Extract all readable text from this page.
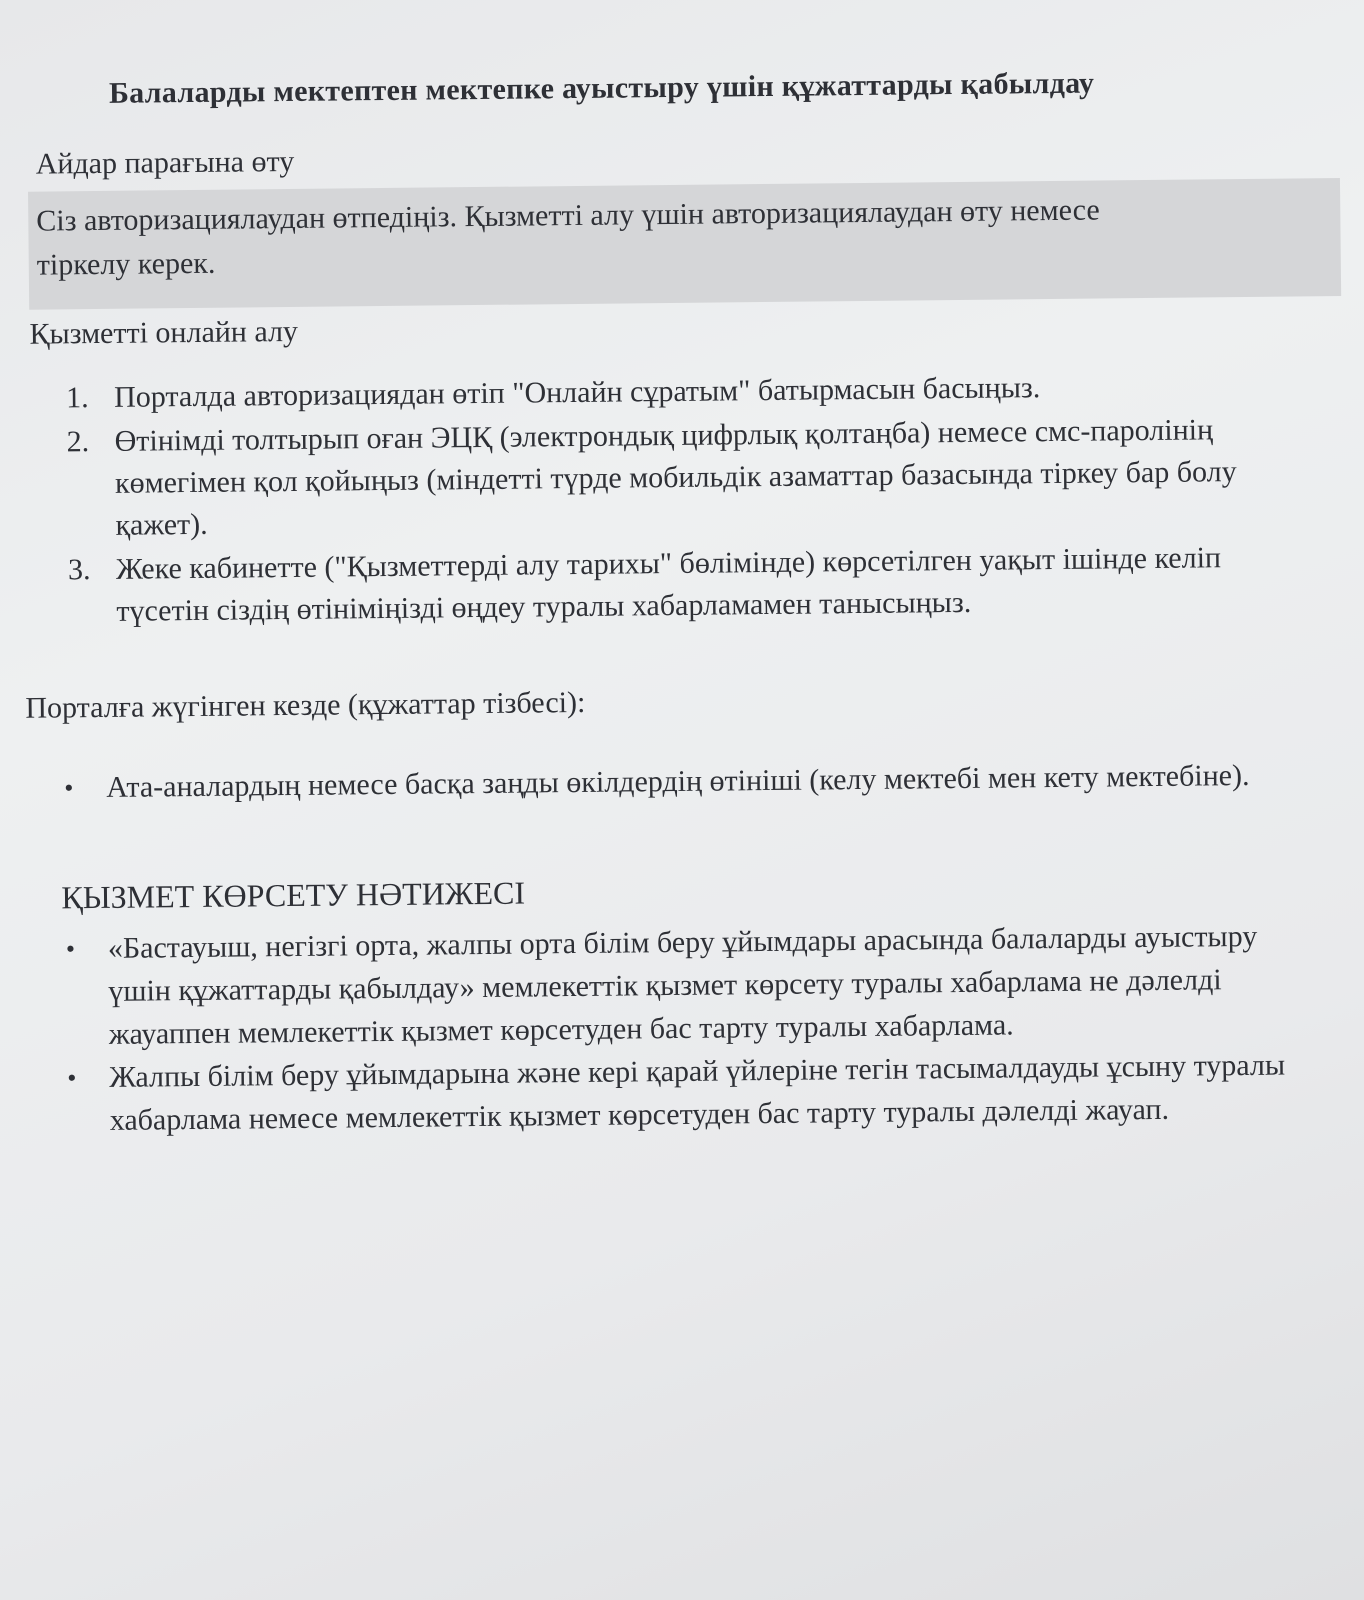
Балаларды мектептен мектепке ауыстыру үшін құжаттарды қабылдау
Айдар парағына өту
Сіз авторизациялаудан өтпедіңіз. Қызметті алу үшін авторизациялаудан өту немесе тіркелу керек.
Қызметті онлайн алу
1. Порталда авторизациядан өтіп "Онлайн сұратым" батырмасын басыңыз.
2. Өтінімді толтырып оған ЭЦҚ (электрондық цифрлық қолтаңба) немесе смс-паролінің көмегімен қол қойыңыз (міндетті түрде мобильдік азаматтар базасында тіркеу бар болу қажет).
3. Жеке кабинетте ("Қызметтерді алу тарихы" бөлімінде) көрсетілген уақыт ішінде келіп түсетін сіздің өтініміңізді өңдеу туралы хабарламамен танысыңыз.
Порталға жүгінген кезде (құжаттар тізбесі):
• Ата-аналардың немесе басқа заңды өкілдердің өтініші (келу мектебі мен кету мектебіне).
ҚЫЗМЕТ КӨРСЕТУ НӘТИЖЕСІ
• «Бастауыш, негізгі орта, жалпы орта білім беру ұйымдары арасында балаларды ауыстыру үшін құжаттарды қабылдау» мемлекеттік қызмет көрсету туралы хабарлама не дәлелді жауаппен мемлекеттік қызмет көрсетуден бас тарту туралы хабарлама.
• Жалпы білім беру ұйымдарына және кері қарай үйлеріне тегін тасымалдауды ұсыну туралы хабарлама немесе мемлекеттік қызмет көрсетуден бас тарту туралы дәлелді жауап.
